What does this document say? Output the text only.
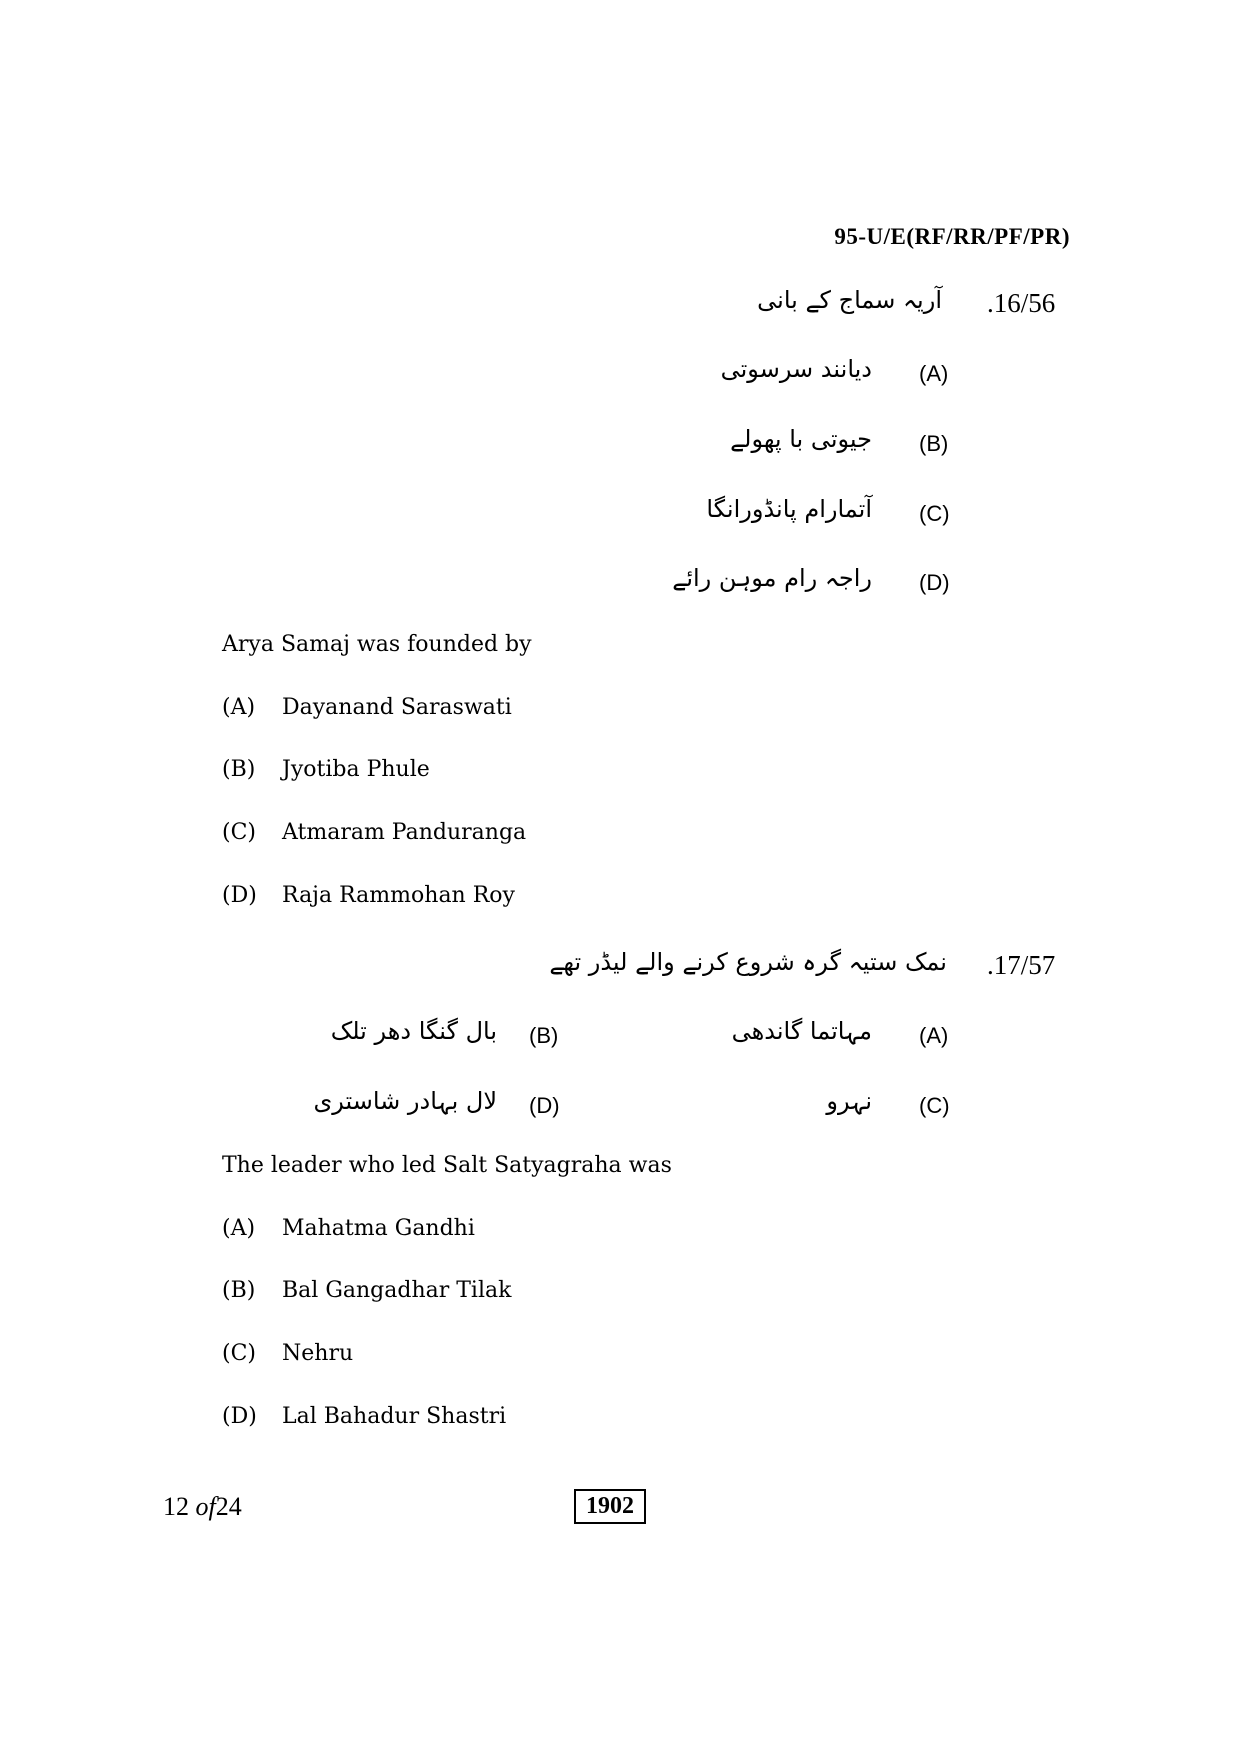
95-U/E(RF/RR/PF/PR)
.16/56
آریہ سماج کے بانی
(A)
دیانند سرسوتی
(B)
جیوتی با پھولے
(C)
آتمارام پانڈورانگا
(D)
راجہ رام موہن رائے
Arya Samaj was founded by
(A) Dayanand Saraswati
(B) Jyotiba Phule
(C) Atmaram Panduranga
(D) Raja Rammohan Roy
.17/57
نمک ستیہ گرہ شروع کرنے والے لیڈر تھے
(A)
مہاتما گاندھی
(B)
بال گنگا دھر تلک
(C)
نہرو
(D)
لال بہادر شاستری
The leader who led Salt Satyagraha was
(A) Mahatma Gandhi
(B) Bal Gangadhar Tilak
(C) Nehru
(D) Lal Bahadur Shastri
12 of24	1902
